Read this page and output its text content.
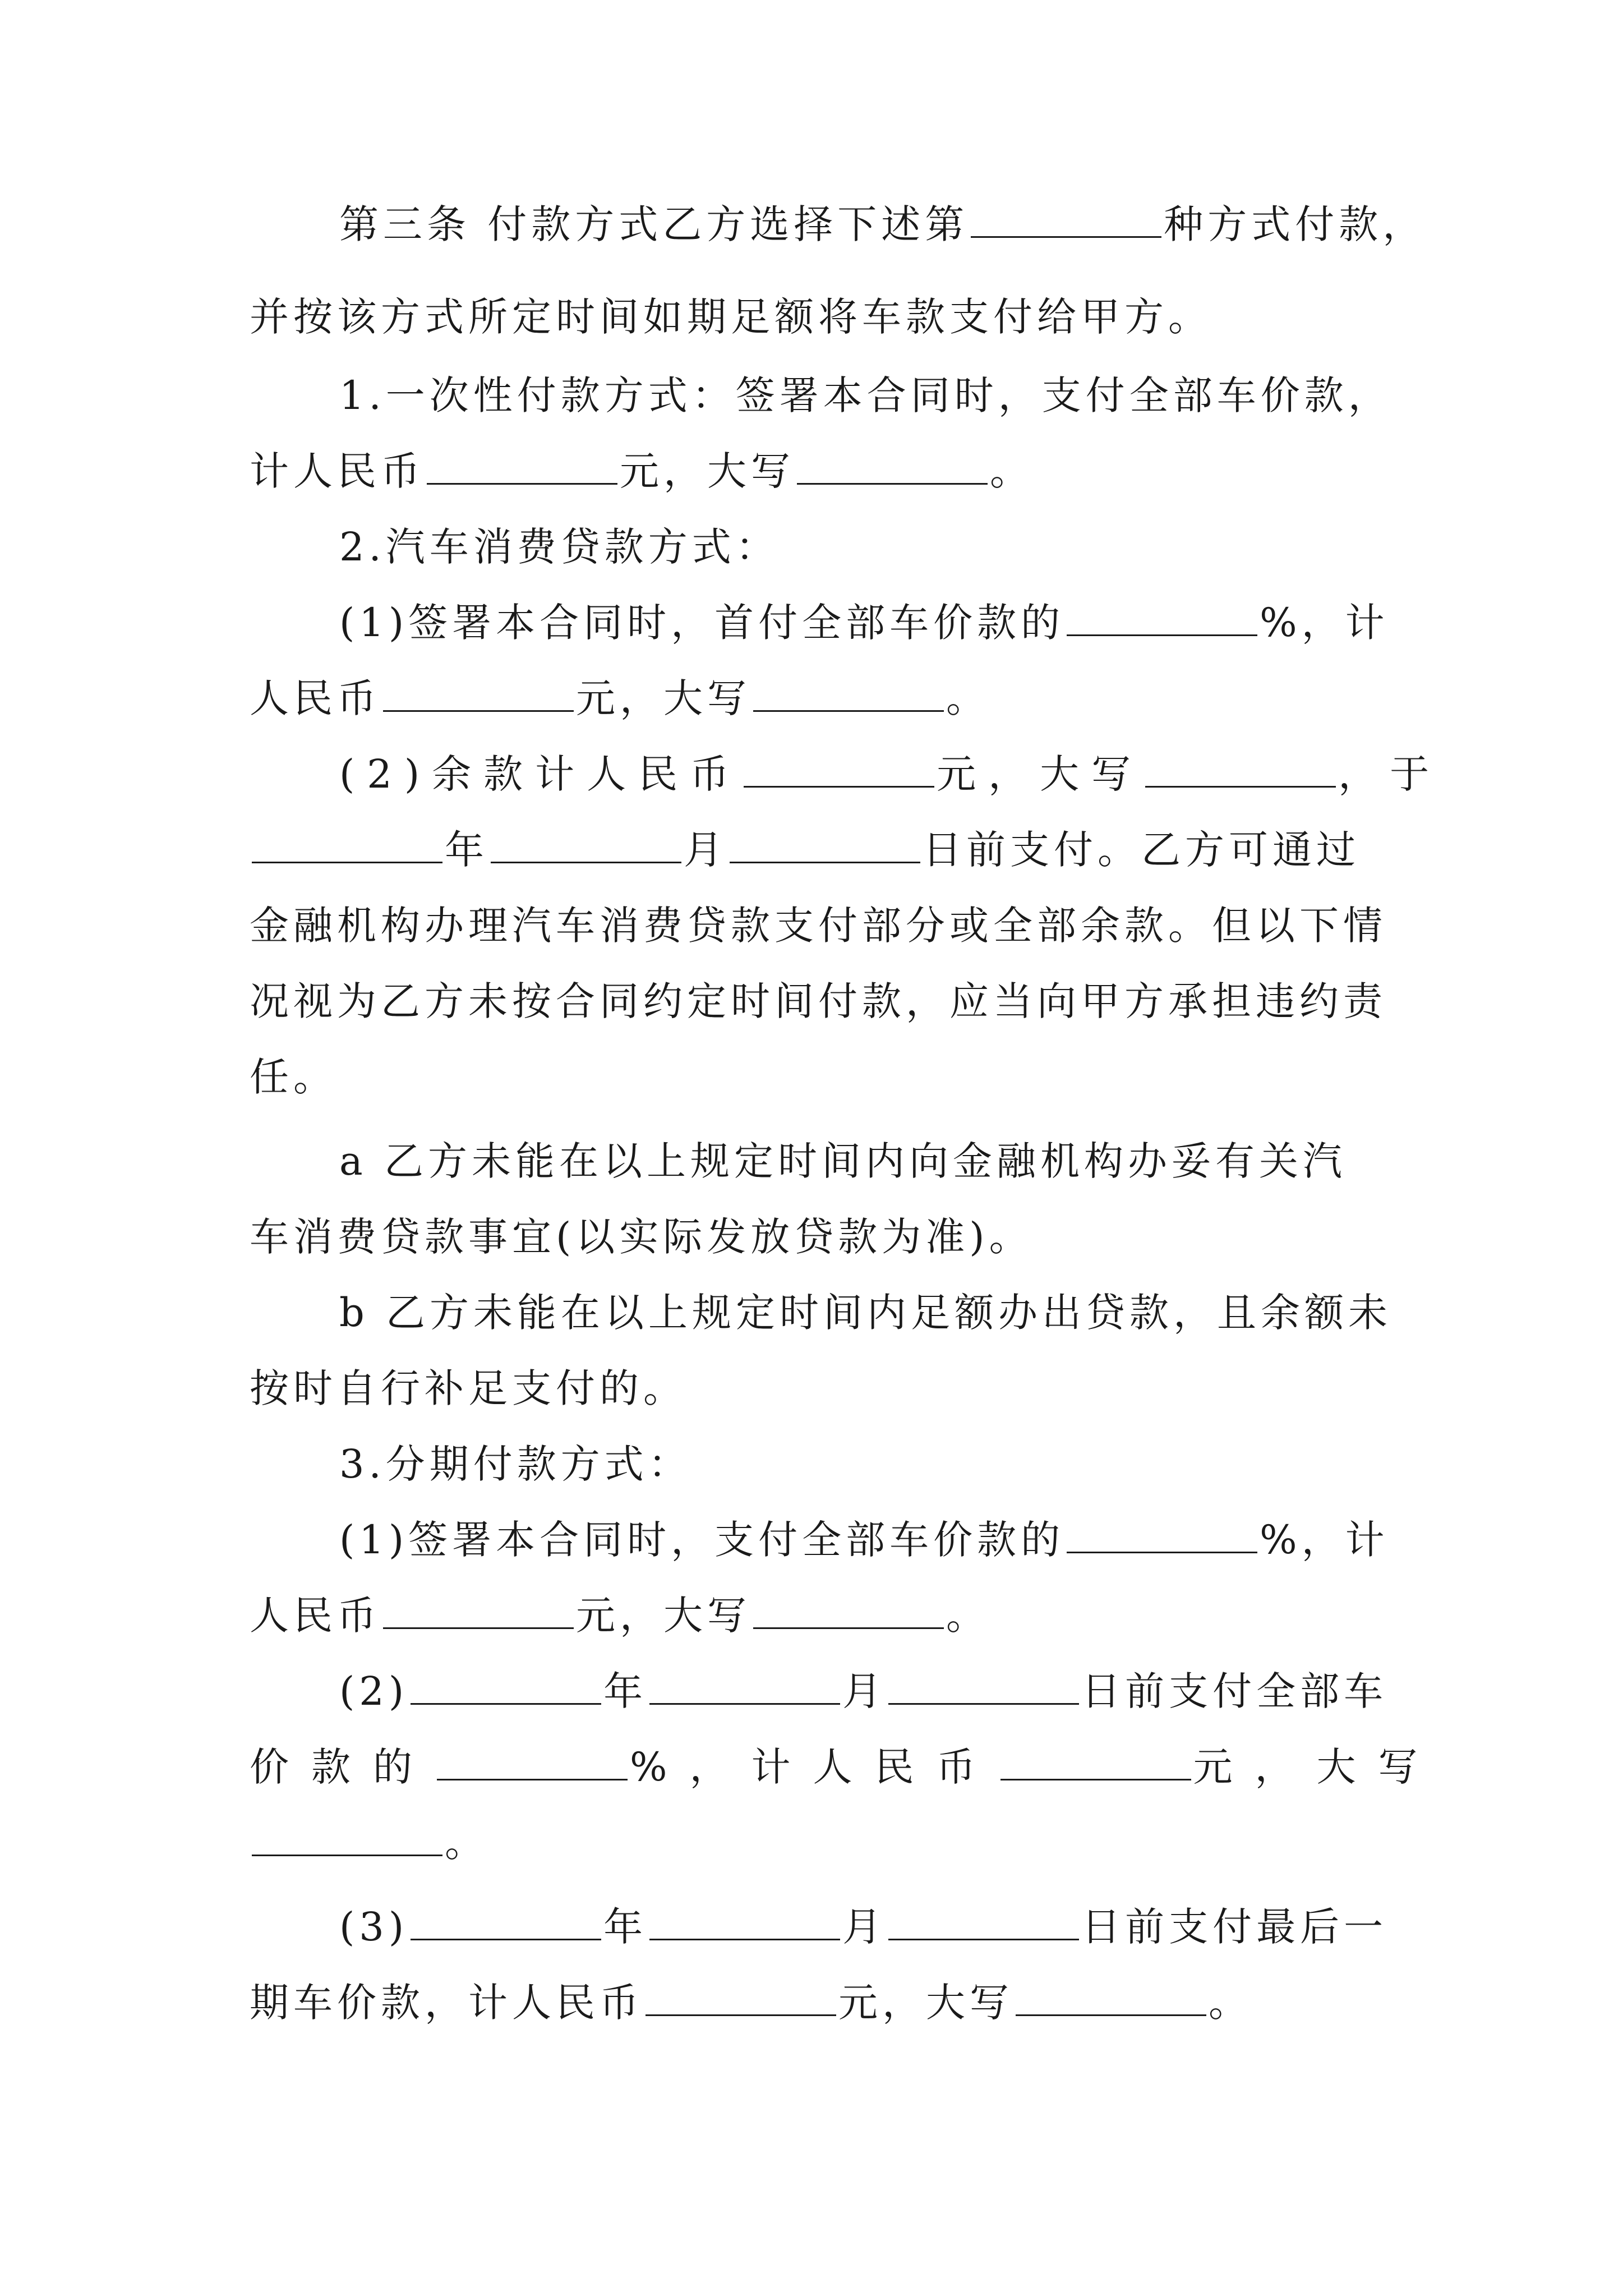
第三条 付款方式乙方选择下述第	种方式付款，
并按该方式所定时间如期足额将车款支付给甲方。
1.一次性付款方式：签署本合同时，支付全部车价款，
计人民币	元，大写	。
2.汽车消费贷款方式：
(1)签署本合同时，首付全部车价款的	%，计
人民币	元，大写	。
(2)余款计人民币	元，大写	，于
年	月	日前支付。乙方可通过
金融机构办理汽车消费贷款支付部分或全部余款。但以下情
况视为乙方未按合同约定时间付款，应当向甲方承担违约责
任。
a 乙方未能在以上规定时间内向金融机构办妥有关汽
车消费贷款事宜(以实际发放贷款为准)。
b 乙方未能在以上规定时间内足额办出贷款，且余额未
按时自行补足支付的。
3.分期付款方式：
(1)签署本合同时，支付全部车价款的	%，计
人民币	元，大写	。
(2)	年	月	日前支付全部车
价款的	%，计人民币	元，大写
。
(3)	年	月	日前支付最后一
期车价款，计人民币	元，大写	。
